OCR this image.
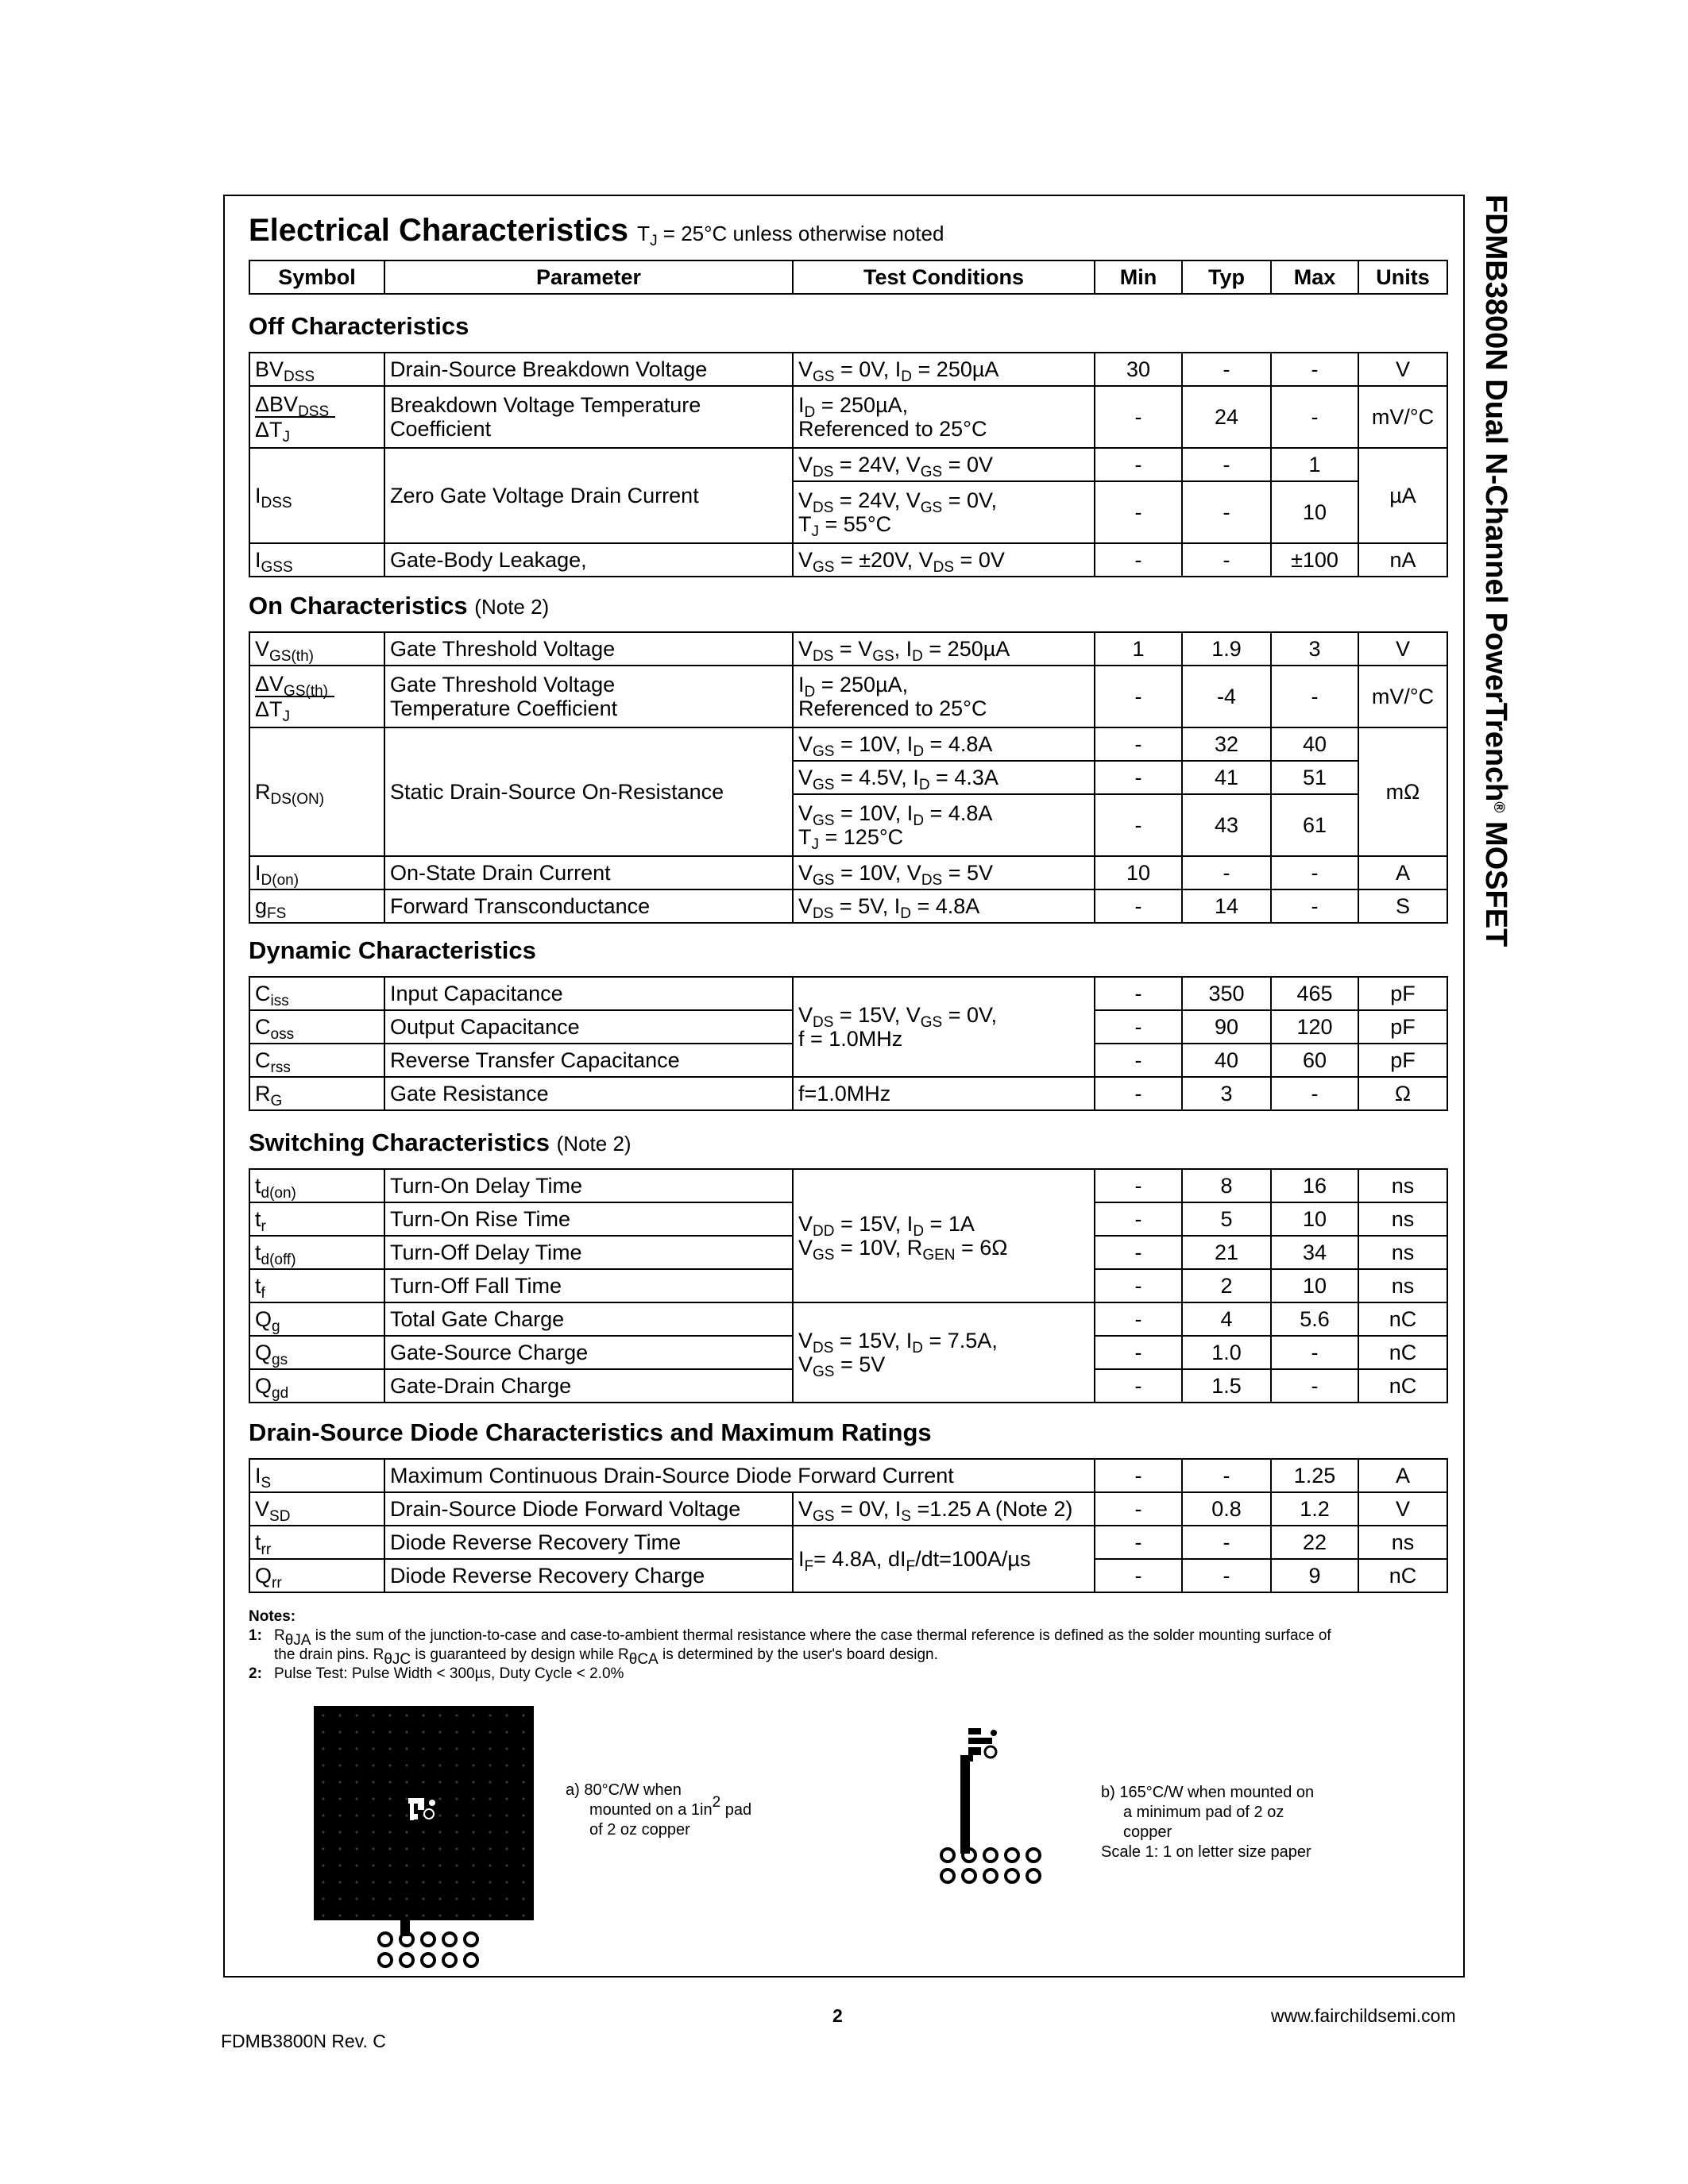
FDMB3800N Dual N-Channel PowerTrench® MOSFET
Electrical Characteristics $T_J = 25^\circ C$ unless otherwise noted
Symbol	Parameter	Test Conditions	Min	Typ	Max	Units
Off Characteristics
$BV_{DSS}$	Drain-Source Breakdown Voltage	$V_{GS} = 0V$, $I_D = 250\mu A$	30	-	-	V

$\frac{\Delta BV_{DSS}}{\Delta T_J}$	Breakdown Voltage Temperature Coefficient	$I_D = 250\mu A$,
Referenced to 25°C	-	24	-	mV/°C
$I_{DSS}$	Zero Gate Voltage Drain Current	$V_{DS} = 24V$, $V_{GS} = 0V$	-	-	1	µA
		$V_{DS} = 24V$, $V_{GS} = 0V$,
$T_J = 55^\circ C$	-	-	10	
$I_{GSS}$	Gate-Body Leakage,	$V_{GS} = \pm 20V$, $V_{DS} = 0V$	-	-	±100	nA
On Characteristics (Note 2)
$V_{GS(th)}$	Gate Threshold Voltage	$V_{DS} = V_{GS}$, $I_D = 250\mu A$	1	1.9	3	V

$\frac{\Delta V_{GS(th)}}{\Delta T_J}$	Gate Threshold Voltage
Temperature Coefficient	$I_D = 250\mu A$,
Referenced to 25°C	-	-4	-	mV/°C
$R_{DS(ON)}$	Static Drain-Source On-Resistance	$V_{GS} = 10V$, $I_D = 4.8A$	-	32	40	mΩ
		$V_{GS} = 4.5V$, $I_D = 4.3A$	-	41	51	
		$V_{GS} = 10V$, $I_D = 4.8A$
$T_J = 125^\circ C$	-	43	61	
$I_{D(on)}$	On-State Drain Current	$V_{GS} = 10V$, $V_{DS} = 5V$	10	-	-	A
$g_{FS}$	Forward Transconductance	$V_{DS} = 5V$, $I_D = 4.8A$	-	14	-	S
Dynamic Characteristics
$C_{iss}$	Input Capacitance	$V_{DS} = 15V$, $V_{GS} = 0V$,
f = 1.0MHz	-	350	465	pF
$C_{oss}$	Output Capacitance		-	90	120	pF
$C_{rss}$	Reverse Transfer Capacitance		-	40	60	pF
$R_G$	Gate Resistance	f=1.0MHz	-	3	-	Ω
Switching Characteristics (Note 2)
$t_{d(on)}$	Turn-On Delay Time	$V_{DD} = 15V$, $I_D = 1A$
$V_{GS} = 10V$, $R_{GEN} = 6\Omega$	-	8	16	ns
$t_r$	Turn-On Rise Time		-	5	10	ns
$t_{d(off)}$	Turn-Off Delay Time		-	21	34	ns
$t_f$	Turn-Off Fall Time		-	2	10	ns
$Q_g$	Total Gate Charge	$V_{DS} = 15V$, $I_D = 7.5A$,
$V_{GS} = 5V$	-	4	5.6	nC
$Q_{gs}$	Gate-Source Charge		-	1.0	-	nC
$Q_{gd}$	Gate-Drain Charge		-	1.5	-	nC
Drain-Source Diode Characteristics and Maximum Ratings
$I_S$	Maximum Continuous Drain-Source Diode Forward Current		-	-	1.25	A
$V_{SD}$	Drain-Source Diode Forward Voltage	$V_{GS} = 0V$, $I_S =1.25$ A (Note 2)	-	0.8	1.2	V
$t_{rr}$	Diode Reverse Recovery Time	$I_F= 4.8A$, $dI_F/dt=100A/\mu s$	-	-	22	ns
$Q_{rr}$	Diode Reverse Recovery Charge		-	-	9	nC
Notes:
1: $R_{\theta JA}$ is the sum of the junction-to-case and case-to-ambient thermal resistance where the case thermal reference is defined as the solder mounting surface of
the drain pins. $R_{\theta JC}$ is guaranteed by design while $R_{\theta CA}$ is determined by the user's board design.
2: Pulse Test: Pulse Width < 300µs, Duty Cycle < 2.0%
a) 80°C/W when
mounted on a $1in^2$ pad
of 2 oz copper
b) 165°C/W when mounted on
a minimum pad of 2 oz
copper
Scale 1: 1 on letter size paper
2	www.fairchildsemi.com
FDMB3800N Rev. C
